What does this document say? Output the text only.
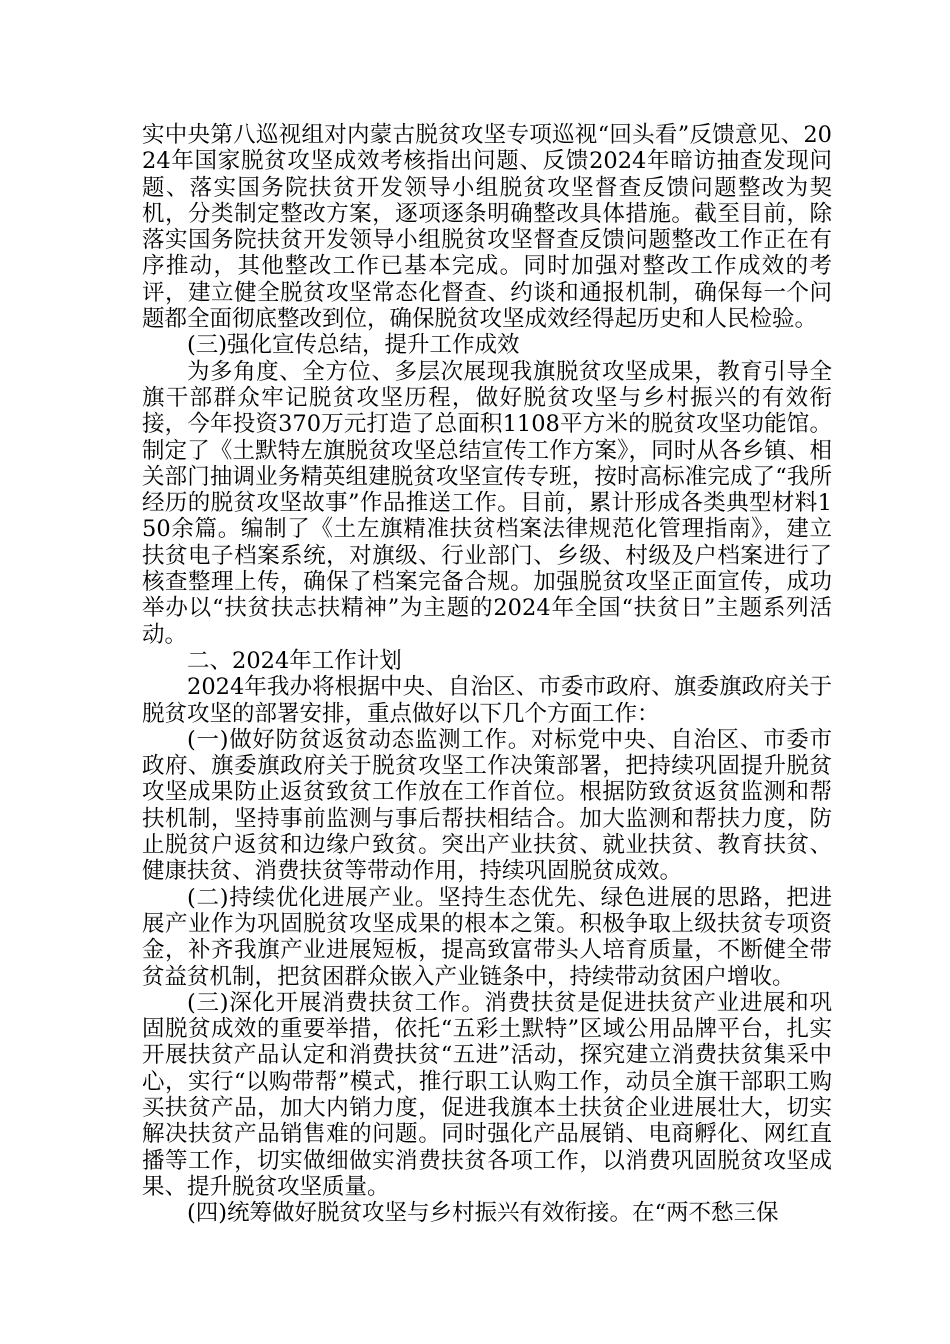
实中央第八巡视组对内蒙古脱贫攻坚专项巡视“回头看”反馈意见、2024年国家脱贫攻坚成效考核指出问题、反馈2024年暗访抽查发现问题、落实国务院扶贫开发领导小组脱贫攻坚督查反馈问题整改为契机，分类制定整改方案，逐项逐条明确整改具体措施。截至目前，除落实国务院扶贫开发领导小组脱贫攻坚督查反馈问题整改工作正在有序推动，其他整改工作已基本完成。同时加强对整改工作成效的考评，建立健全脱贫攻坚常态化督查、约谈和通报机制，确保每一个问题都全面彻底整改到位，确保脱贫攻坚成效经得起历史和人民检验。

(三)强化宣传总结，提升工作成效

为多角度、全方位、多层次展现我旗脱贫攻坚成果，教育引导全旗干部群众牢记脱贫攻坚历程，做好脱贫攻坚与乡村振兴的有效衔接，今年投资370万元打造了总面积1108平方米的脱贫攻坚功能馆。制定了《土默特左旗脱贫攻坚总结宣传工作方案》，同时从各乡镇、相关部门抽调业务精英组建脱贫攻坚宣传专班，按时高标准完成了“我所经历的脱贫攻坚故事”作品推送工作。目前，累计形成各类典型材料150余篇。编制了《土左旗精准扶贫档案法律规范化管理指南》，建立扶贫电子档案系统，对旗级、行业部门、乡级、村级及户档案进行了核查整理上传，确保了档案完备合规。加强脱贫攻坚正面宣传，成功举办以“扶贫扶志扶精神”为主题的2024年全国“扶贫日”主题系列活动。

二、2024年工作计划

2024年我办将根据中央、自治区、市委市政府、旗委旗政府关于脱贫攻坚的部署安排，重点做好以下几个方面工作：

(一)做好防贫返贫动态监测工作。对标党中央、自治区、市委市政府、旗委旗政府关于脱贫攻坚工作决策部署，把持续巩固提升脱贫攻坚成果防止返贫致贫工作放在工作首位。根据防致贫返贫监测和帮扶机制，坚持事前监测与事后帮扶相结合。加大监测和帮扶力度，防止脱贫户返贫和边缘户致贫。突出产业扶贫、就业扶贫、教育扶贫、健康扶贫、消费扶贫等带动作用，持续巩固脱贫成效。

(二)持续优化进展产业。坚持生态优先、绿色进展的思路，把进展产业作为巩固脱贫攻坚成果的根本之策。积极争取上级扶贫专项资金，补齐我旗产业进展短板，提高致富带头人培育质量，不断健全带贫益贫机制，把贫困群众嵌入产业链条中，持续带动贫困户增收。

(三)深化开展消费扶贫工作。消费扶贫是促进扶贫产业进展和巩固脱贫成效的重要举措，依托“五彩土默特”区域公用品牌平台，扎实开展扶贫产品认定和消费扶贫“五进”活动，探究建立消费扶贫集采中心，实行“以购带帮”模式，推行职工认购工作，动员全旗干部职工购买扶贫产品，加大内销力度，促进我旗本土扶贫企业进展壮大，切实解决扶贫产品销售难的问题。同时强化产品展销、电商孵化、网红直播等工作，切实做细做实消费扶贫各项工作，以消费巩固脱贫攻坚成果、提升脱贫攻坚质量。

(四)统筹做好脱贫攻坚与乡村振兴有效衔接。在“两不愁三保
